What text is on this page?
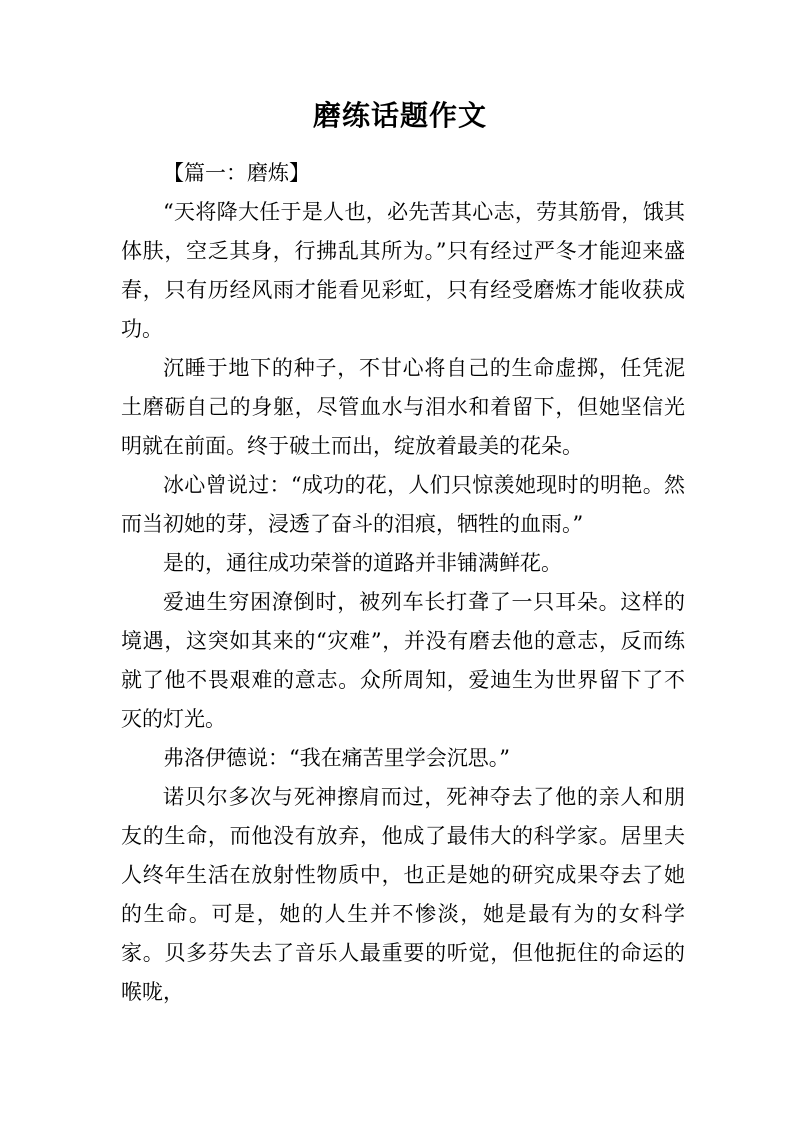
磨练话题作文

【篇一：磨炼】

“天将降大任于是人也，必先苦其心志，劳其筋骨，饿其体肤，空乏其身，行拂乱其所为。”只有经过严冬才能迎来盛春，只有历经风雨才能看见彩虹，只有经受磨炼才能收获成功。

沉睡于地下的种子，不甘心将自己的生命虚掷，任凭泥土磨砺自己的身躯，尽管血水与泪水和着留下，但她坚信光明就在前面。终于破土而出，绽放着最美的花朵。

冰心曾说过：“成功的花，人们只惊羡她现时的明艳。然而当初她的芽，浸透了奋斗的泪痕，牺牲的血雨。”

是的，通往成功荣誉的道路并非铺满鲜花。

爱迪生穷困潦倒时，被列车长打聋了一只耳朵。这样的境遇，这突如其来的“灾难”，并没有磨去他的意志，反而练就了他不畏艰难的意志。众所周知，爱迪生为世界留下了不灭的灯光。

弗洛伊德说：“我在痛苦里学会沉思。”

诺贝尔多次与死神擦肩而过，死神夺去了他的亲人和朋友的生命，而他没有放弃，他成了最伟大的科学家。居里夫人终年生活在放射性物质中，也正是她的研究成果夺去了她的生命。可是，她的人生并不惨淡，她是最有为的女科学家。贝多芬失去了音乐人最重要的听觉，但他扼住的命运的喉咙，
